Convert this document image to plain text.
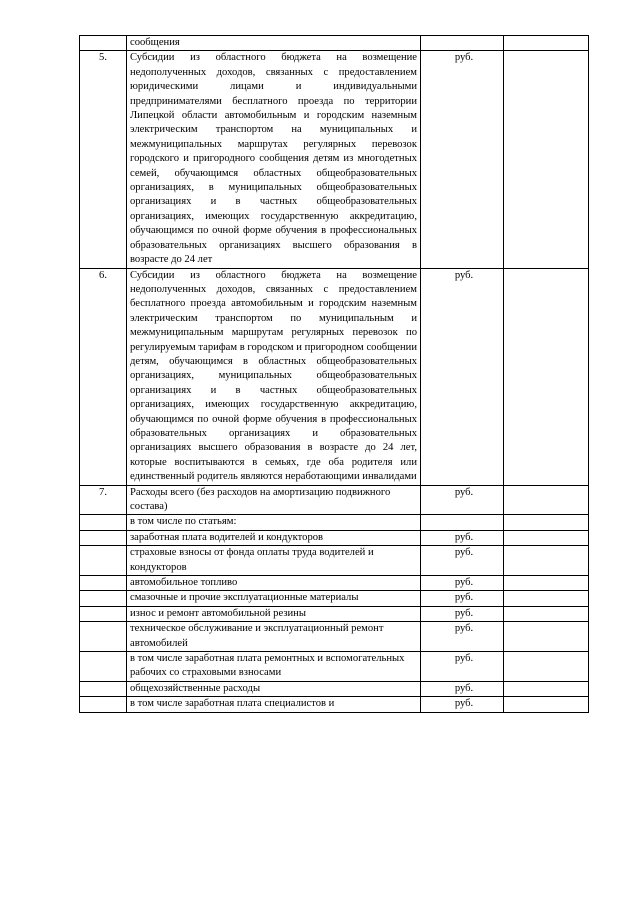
	сообщения		
5.	Субсидии из областного бюджета на возмещение недополученных доходов, связанных с предоставлением юридическими лицами и индивидуальными предпринимателями бесплатного проезда по территории Липецкой области автомобильным и городским наземным электрическим транспортом на муниципальных и межмуниципальных маршрутах регулярных перевозок городского и пригородного сообщения детям из многодетных семей, обучающимся областных общеобразовательных организациях, в муниципальных общеобразовательных организациях и в частных общеобразовательных организациях, имеющих государственную аккредитацию, обучающимся по очной форме обучения в профессиональных образовательных организациях высшего образования в возрасте до 24 лет	руб.	
6.	Субсидии из областного бюджета на возмещение недополученных доходов, связанных с предоставлением бесплатного проезда автомобильным и городским наземным электрическим транспортом по муниципальным и межмуниципальным маршрутам регулярных перевозок по регулируемым тарифам в городском и пригородном сообщении детям, обучающимся в областных общеобразовательных организациях, муниципальных общеобразовательных организациях и в частных общеобразовательных организациях, имеющих государственную аккредитацию, обучающимся по очной форме обучения в профессиональных образовательных организациях и образовательных организациях высшего образования в возрасте до 24 лет, которые воспитываются в семьях, где оба родителя или единственный родитель являются неработающими инвалидами	руб.	
7.	Расходы всего (без расходов на амортизацию подвижного состава)	руб.	
	в том числе по статьям:		
	заработная плата водителей и кондукторов	руб.	
	страховые взносы от фонда оплаты труда водителей и кондукторов	руб.	
	автомобильное топливо	руб.	
	смазочные и прочие эксплуатационные материалы	руб.	
	износ и ремонт автомобильной резины	руб.	
	техническое обслуживание и эксплуатационный ремонт автомобилей	руб.	
	в том числе заработная плата ремонтных и вспомогательных рабочих со страховыми взносами	руб.	
	общехозяйственные расходы	руб.	
	в том числе заработная плата специалистов и	руб.	
